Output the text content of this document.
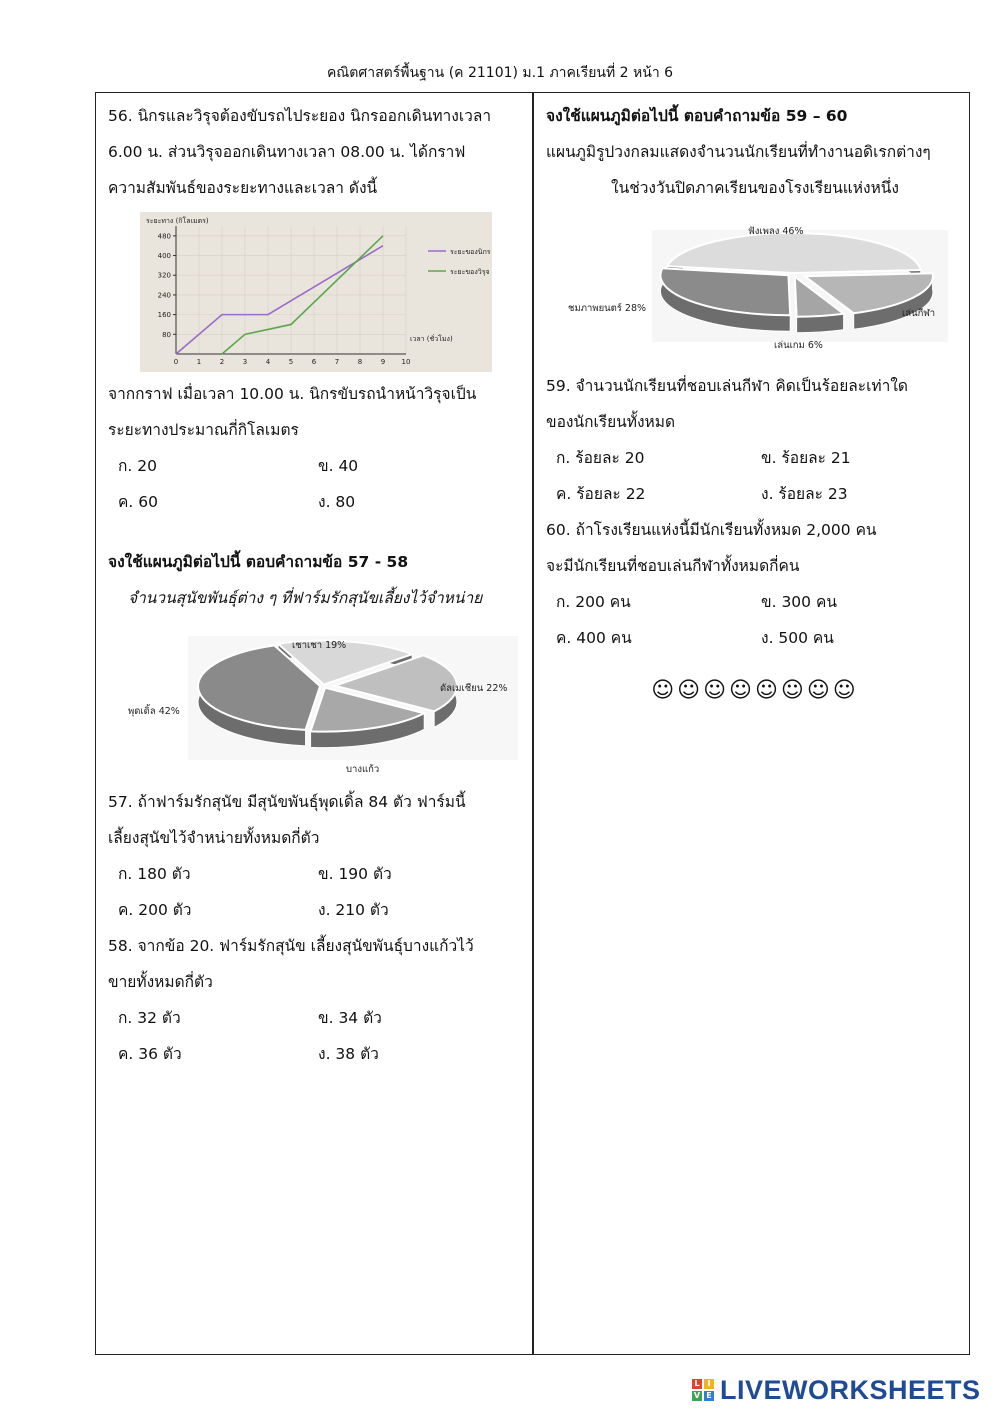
คณิตศาสตร์พื้นฐาน (ค 21101) ม.1 ภาคเรียนที่ 2 หน้า 6
56. นิกรและวิรุจต้องขับรถไประยอง นิกรออกเดินทางเวลา
6.00 น. ส่วนวิรุจออกเดินทางเวลา 08.00 น. ได้กราฟ
ความสัมพันธ์ของระยะทางและเวลา ดังนี้
ระยะทาง (กิโลเมตร)
เวลา (ชั่วโมง)
0	1	2	3	4	5	6	7	8	9 10
80
160
240
320
400
480
ระยะของนิกร
ระยะของวิรุจ
จากกราฟ เมื่อเวลา 10.00 น. นิกรขับรถนำหน้าวิรุจเป็น
ระยะทางประมาณกี่กิโลเมตร
ก. 20	ข. 40
ค. 60	ง. 80
จงใช้แผนภูมิต่อไปนี้ ตอบคำถามข้อ 57 - 58
จำนวนสุนัขพันธุ์ต่าง ๆ ที่ฟาร์มรักสุนัขเลี้ยงไว้จำหน่าย
เชาเชา 19%
ดัลเมเชียน 22%
บางแก้ว
พุดเดิ้ล 42%
57. ถ้าฟาร์มรักสุนัข มีสุนัขพันธุ์พุดเดิ้ล 84 ตัว ฟาร์มนี้
เลี้ยงสุนัขไว้จำหน่ายทั้งหมดกี่ตัว
ก. 180 ตัว	ข. 190 ตัว
ค. 200 ตัว	ง. 210 ตัว
58. จากข้อ 20. ฟาร์มรักสุนัข เลี้ยงสุนัขพันธุ์บางแก้วไว้
ขายทั้งหมดกี่ตัว
ก. 32 ตัว	ข. 34 ตัว
ค. 36 ตัว	ง. 38 ตัว
จงใช้แผนภูมิต่อไปนี้ ตอบคำถามข้อ 59 – 60
แผนภูมิรูปวงกลมแสดงจำนวนนักเรียนที่ทำงานอดิเรกต่างๆ
ในช่วงวันปิดภาคเรียนของโรงเรียนแห่งหนึ่ง
ฟังเพลง 46%
เล่นกีฬา
เล่นเกม 6%
ชมภาพยนตร์ 28%
59. จำนวนนักเรียนที่ชอบเล่นกีฬา คิดเป็นร้อยละเท่าใด
ของนักเรียนทั้งหมด
ก. ร้อยละ 20	ข. ร้อยละ 21
ค. ร้อยละ 22	ง. ร้อยละ 23
60. ถ้าโรงเรียนแห่งนี้มีนักเรียนทั้งหมด 2,000 คน
จะมีนักเรียนที่ชอบเล่นกีฬาทั้งหมดกี่คน
ก. 200 คน	ข. 300 คน
ค. 400 คน	ง. 500 คน
☺☺☺☺☺☺☺☺
L I
V E LIVEWORKSHEETS
